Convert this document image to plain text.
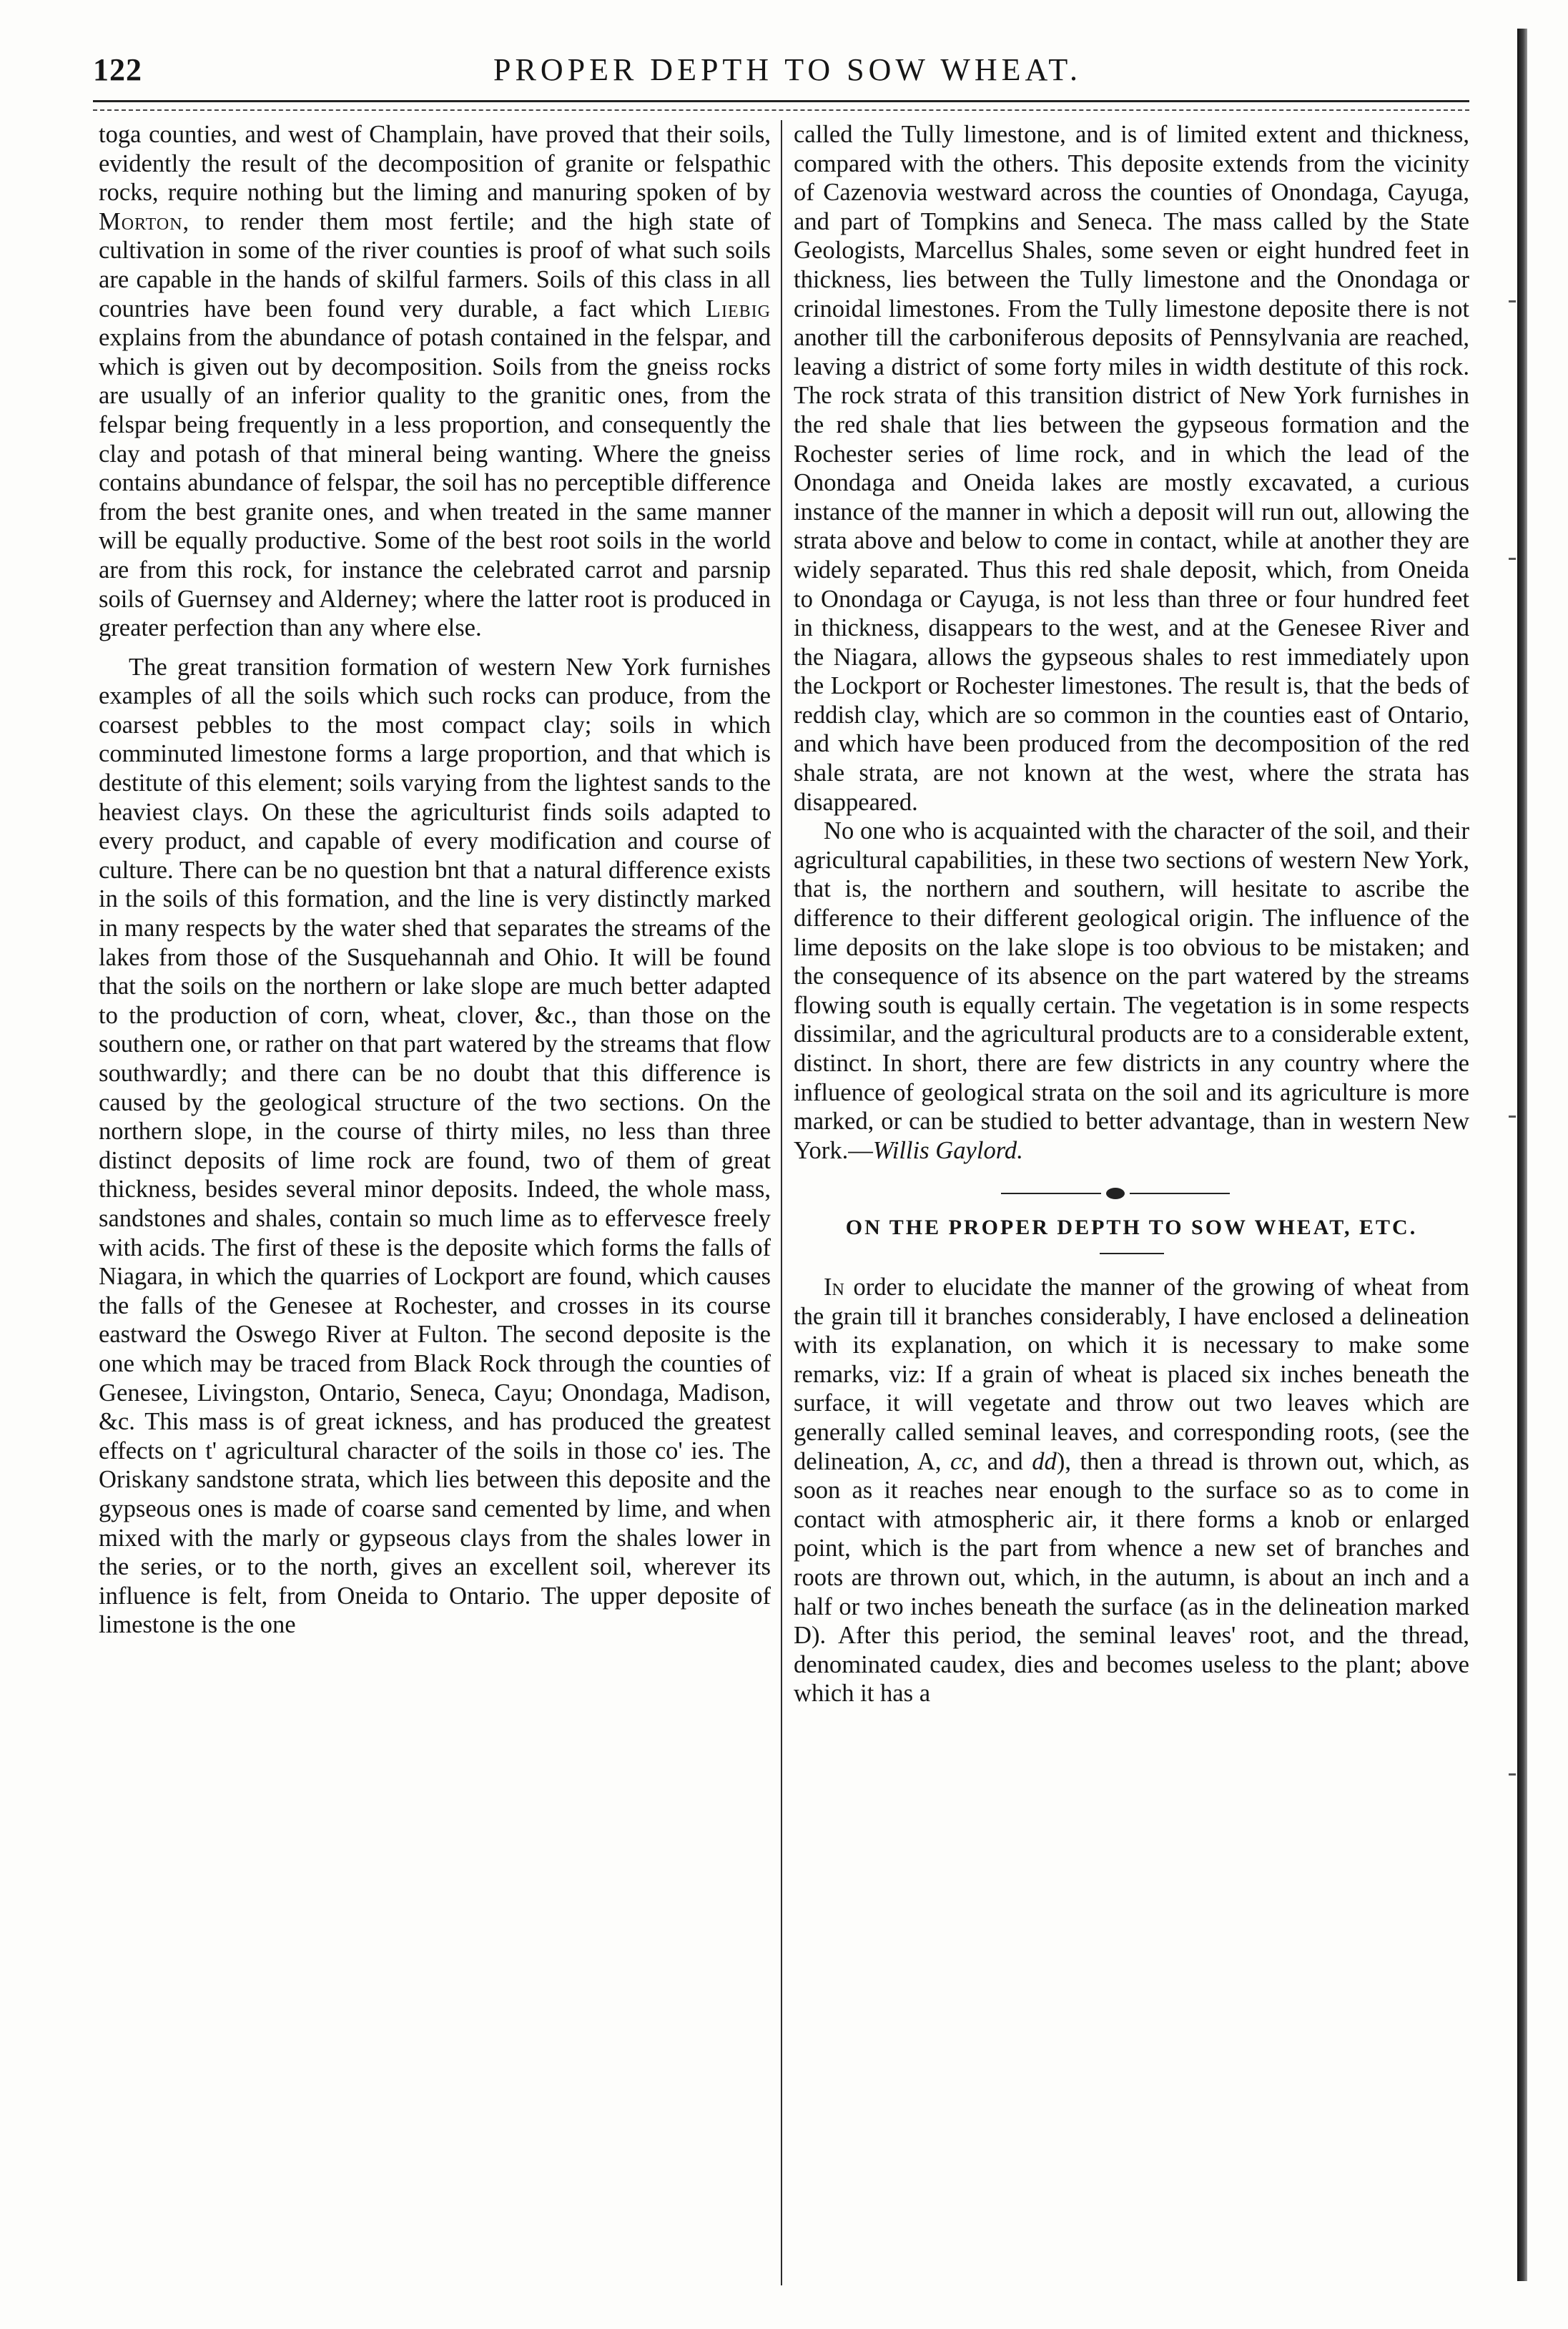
122	PROPER DEPTH TO SOW WHEAT.

toga counties, and west of Champlain, have proved that their soils, evidently the result of the decomposition of granite or felspathic rocks, require nothing but the liming and manuring spoken of by Morton, to render them most fertile; and the high state of cultivation in some of the river counties is proof of what such soils are capable in the hands of skilful farmers. Soils of this class in all countries have been found very durable, a fact which Liebig explains from the abundance of potash contained in the felspar, and which is given out by decomposition. Soils from the gneiss rocks are usually of an inferior quality to the granitic ones, from the felspar being frequently in a less proportion, and consequently the clay and potash of that mineral being wanting. Where the gneiss contains abundance of felspar, the soil has no perceptible difference from the best granite ones, and when treated in the same manner will be equally productive. Some of the best root soils in the world are from this rock, for instance the celebrated carrot and parsnip soils of Guernsey and Alderney; where the latter root is produced in greater perfection than any where else.

The great transition formation of western New York furnishes examples of all the soils which such rocks can produce, from the coarsest pebbles to the most compact clay; soils in which comminuted limestone forms a large proportion, and that which is destitute of this element; soils varying from the lightest sands to the heaviest clays. On these the agriculturist finds soils adapted to every product, and capable of every modification and course of culture. There can be no question bnt that a natural difference exists in the soils of this formation, and the line is very distinctly marked in many respects by the water shed that separates the streams of the lakes from those of the Susquehannah and Ohio. It will be found that the soils on the northern or lake slope are much better adapted to the production of corn, wheat, clover, &c., than those on the southern one, or rather on that part watered by the streams that flow southwardly; and there can be no doubt that this difference is caused by the geological structure of the two sections. On the northern slope, in the course of thirty miles, no less than three distinct deposits of lime rock are found, two of them of great thickness, besides several minor deposits. Indeed, the whole mass, sandstones and shales, contain so much lime as to effervesce freely with acids. The first of these is the deposite which forms the falls of Niagara, in which the quarries of Lockport are found, which causes the falls of the Genesee at Rochester, and crosses in its course eastward the Oswego River at Fulton. The second deposite is the one which may be traced from Black Rock through the counties of Genesee, Livingston, Ontario, Seneca, Cayu; Onondaga, Madison, &c. This mass is of great ickness, and has produced the greatest effects on t' agricultural character of the soils in those co' ies. The Oriskany sandstone strata, which lies between this deposite and the gypseous ones is made of coarse sand cemented by lime, and when mixed with the marly or gypseous clays from the shales lower in the series, or to the north, gives an excellent soil, wherever its influence is felt, from Oneida to Ontario. The upper deposite of limestone is the one

called the Tully limestone, and is of limited extent and thickness, compared with the others. This deposite extends from the vicinity of Cazenovia westward across the counties of Onondaga, Cayuga, and part of Tompkins and Seneca. The mass called by the State Geologists, Marcellus Shales, some seven or eight hundred feet in thickness, lies between the Tully limestone and the Onondaga or crinoidal limestones. From the Tully limestone deposite there is not another till the carboniferous deposits of Pennsylvania are reached, leaving a district of some forty miles in width destitute of this rock. The rock strata of this transition district of New York furnishes in the red shale that lies between the gypseous formation and the Rochester series of lime rock, and in which the lead of the Onondaga and Oneida lakes are mostly excavated, a curious instance of the manner in which a deposit will run out, allowing the strata above and below to come in contact, while at another they are widely separated. Thus this red shale deposit, which, from Oneida to Onondaga or Cayuga, is not less than three or four hundred feet in thickness, disappears to the west, and at the Genesee River and the Niagara, allows the gypseous shales to rest immediately upon the Lockport or Rochester limestones. The result is, that the beds of reddish clay, which are so common in the counties east of Ontario, and which have been produced from the decomposition of the red shale strata, are not known at the west, where the strata has disappeared.

No one who is acquainted with the character of the soil, and their agricultural capabilities, in these two sections of western New York, that is, the northern and southern, will hesitate to ascribe the difference to their different geological origin. The influence of the lime deposits on the lake slope is too obvious to be mistaken; and the consequence of its absence on the part watered by the streams flowing south is equally certain. The vegetation is in some respects dissimilar, and the agricultural products are to a considerable extent, distinct. In short, there are few districts in any country where the influence of geological strata on the soil and its agriculture is more marked, or can be studied to better advantage, than in western New York.—Willis Gaylord.

ON THE PROPER DEPTH TO SOW WHEAT, ETC.

In order to elucidate the manner of the growing of wheat from the grain till it branches considerably, I have enclosed a delineation with its explanation, on which it is necessary to make some remarks, viz: If a grain of wheat is placed six inches beneath the surface, it will vegetate and throw out two leaves which are generally called seminal leaves, and corresponding roots, (see the delineation, A, cc, and dd), then a thread is thrown out, which, as soon as it reaches near enough to the surface so as to come in contact with atmospheric air, it there forms a knob or enlarged point, which is the part from whence a new set of branches and roots are thrown out, which, in the autumn, is about an inch and a half or two inches beneath the surface (as in the delineation marked D). After this period, the seminal leaves' root, and the thread, denominated caudex, dies and becomes useless to the plant; above which it has a
